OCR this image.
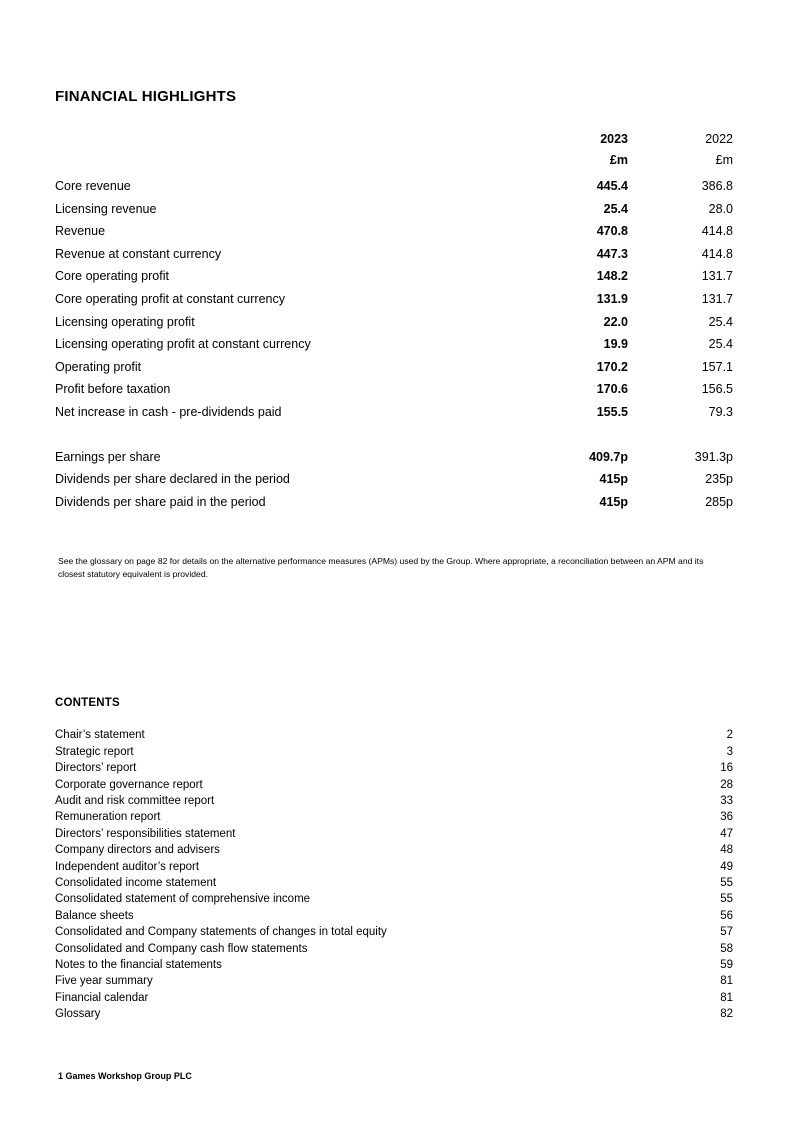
FINANCIAL HIGHLIGHTS
2023	2022
£m	£m
Core revenue	445.4	386.8
Licensing revenue	25.4	28.0
Revenue	470.8	414.8
Revenue at constant currency	447.3	414.8
Core operating profit	148.2	131.7
Core operating profit at constant currency	131.9	131.7
Licensing operating profit	22.0	25.4
Licensing operating profit at constant currency	19.9	25.4
Operating profit	170.2	157.1
Profit before taxation	170.6	156.5
Net increase in cash - pre-dividends paid	155.5	79.3
Earnings per share	409.7p	391.3p
Dividends per share declared in the period	415p	235p
Dividends per share paid in the period	415p	285p
See the glossary on page 82 for details on the alternative performance measures (APMs) used by the Group. Where appropriate, a reconciliation between an APM and its closest statutory equivalent is provided.
CONTENTS
Chair’s statement	2
Strategic report	3
Directors’ report	16
Corporate governance report	28
Audit and risk committee report	33
Remuneration report	36
Directors’ responsibilities statement	47
Company directors and advisers	48
Independent auditor’s report	49
Consolidated income statement	55
Consolidated statement of comprehensive income	55
Balance sheets	56
Consolidated and Company statements of changes in total equity	57
Consolidated and Company cash flow statements	58
Notes to the financial statements	59
Five year summary	81
Financial calendar	81
Glossary	82
1 Games Workshop Group PLC
